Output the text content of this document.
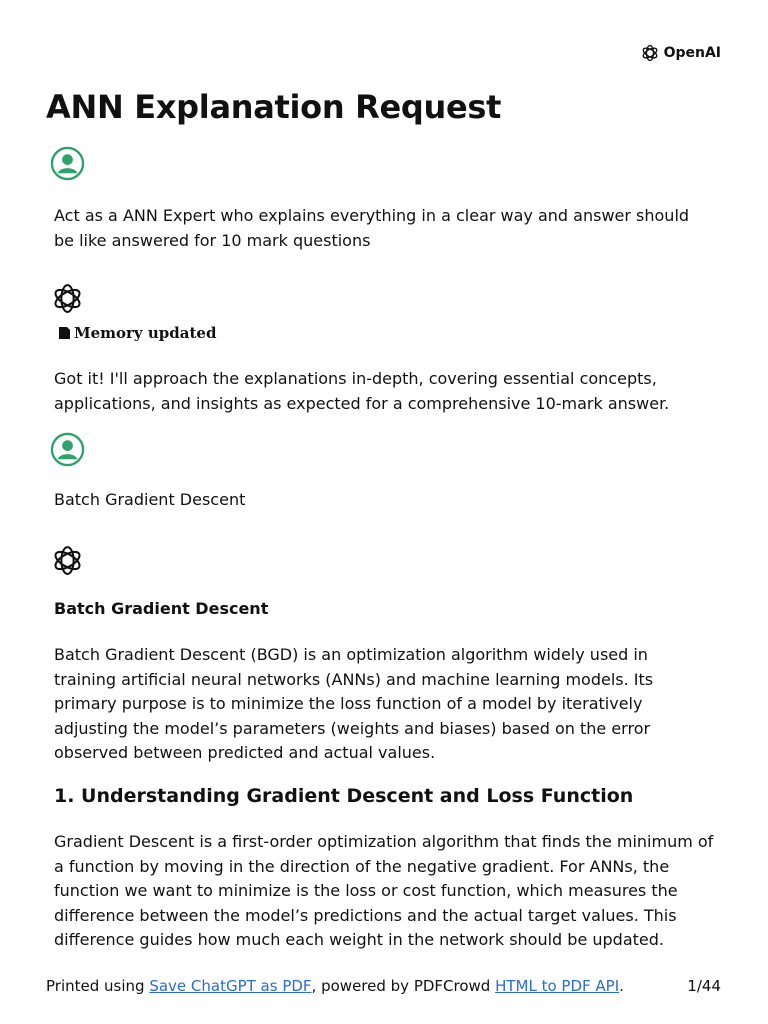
OpenAI
ANN Explanation Request

Act as a ANN Expert who explains everything in a clear way and answer should be like answered for 10 mark questions

Memory updated

Got it! I'll approach the explanations in-depth, covering essential concepts, applications, and insights as expected for a comprehensive 10-mark answer.

Batch Gradient Descent

Batch Gradient Descent

Batch Gradient Descent (BGD) is an optimization algorithm widely used in training artificial neural networks (ANNs) and machine learning models. Its primary purpose is to minimize the loss function of a model by iteratively adjusting the model’s parameters (weights and biases) based on the error observed between predicted and actual values.

1. Understanding Gradient Descent and Loss Function

Gradient Descent is a first-order optimization algorithm that finds the minimum of a function by moving in the direction of the negative gradient. For ANNs, the function we want to minimize is the loss or cost function, which measures the difference between the model’s predictions and the actual target values. This difference guides how much each weight in the network should be updated.

Printed using Save ChatGPT as PDF, powered by PDFCrowd HTML to PDF API.	1/44
